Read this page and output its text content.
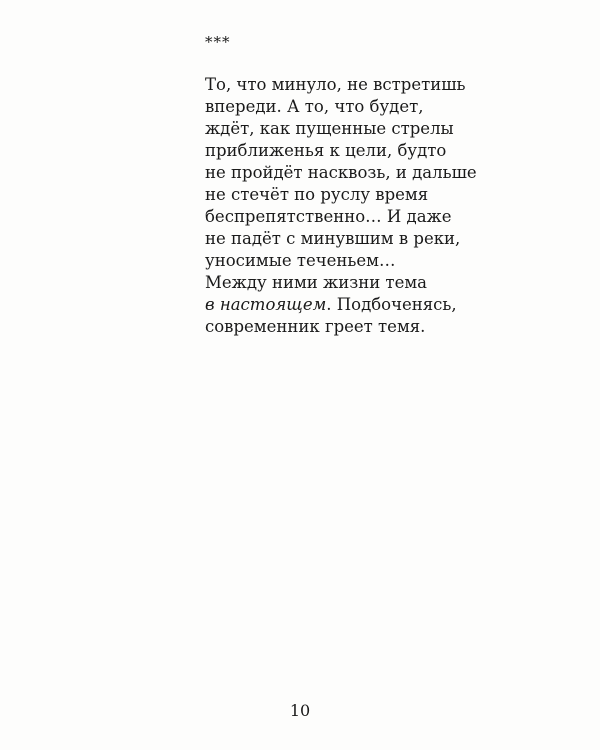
***
То, что минуло, не встретишь
впереди. А то, что будет,
ждёт, как пущенные стрелы
приближенья к цели, будто
не пройдёт насквозь, и дальше
не стечёт по руслу время
беспрепятственно… И даже
не падёт с минувшим в реки,
уносимые теченьем…
Между ними жизни тема
в настоящем. Подбоченясь,
современник греет темя.
10
